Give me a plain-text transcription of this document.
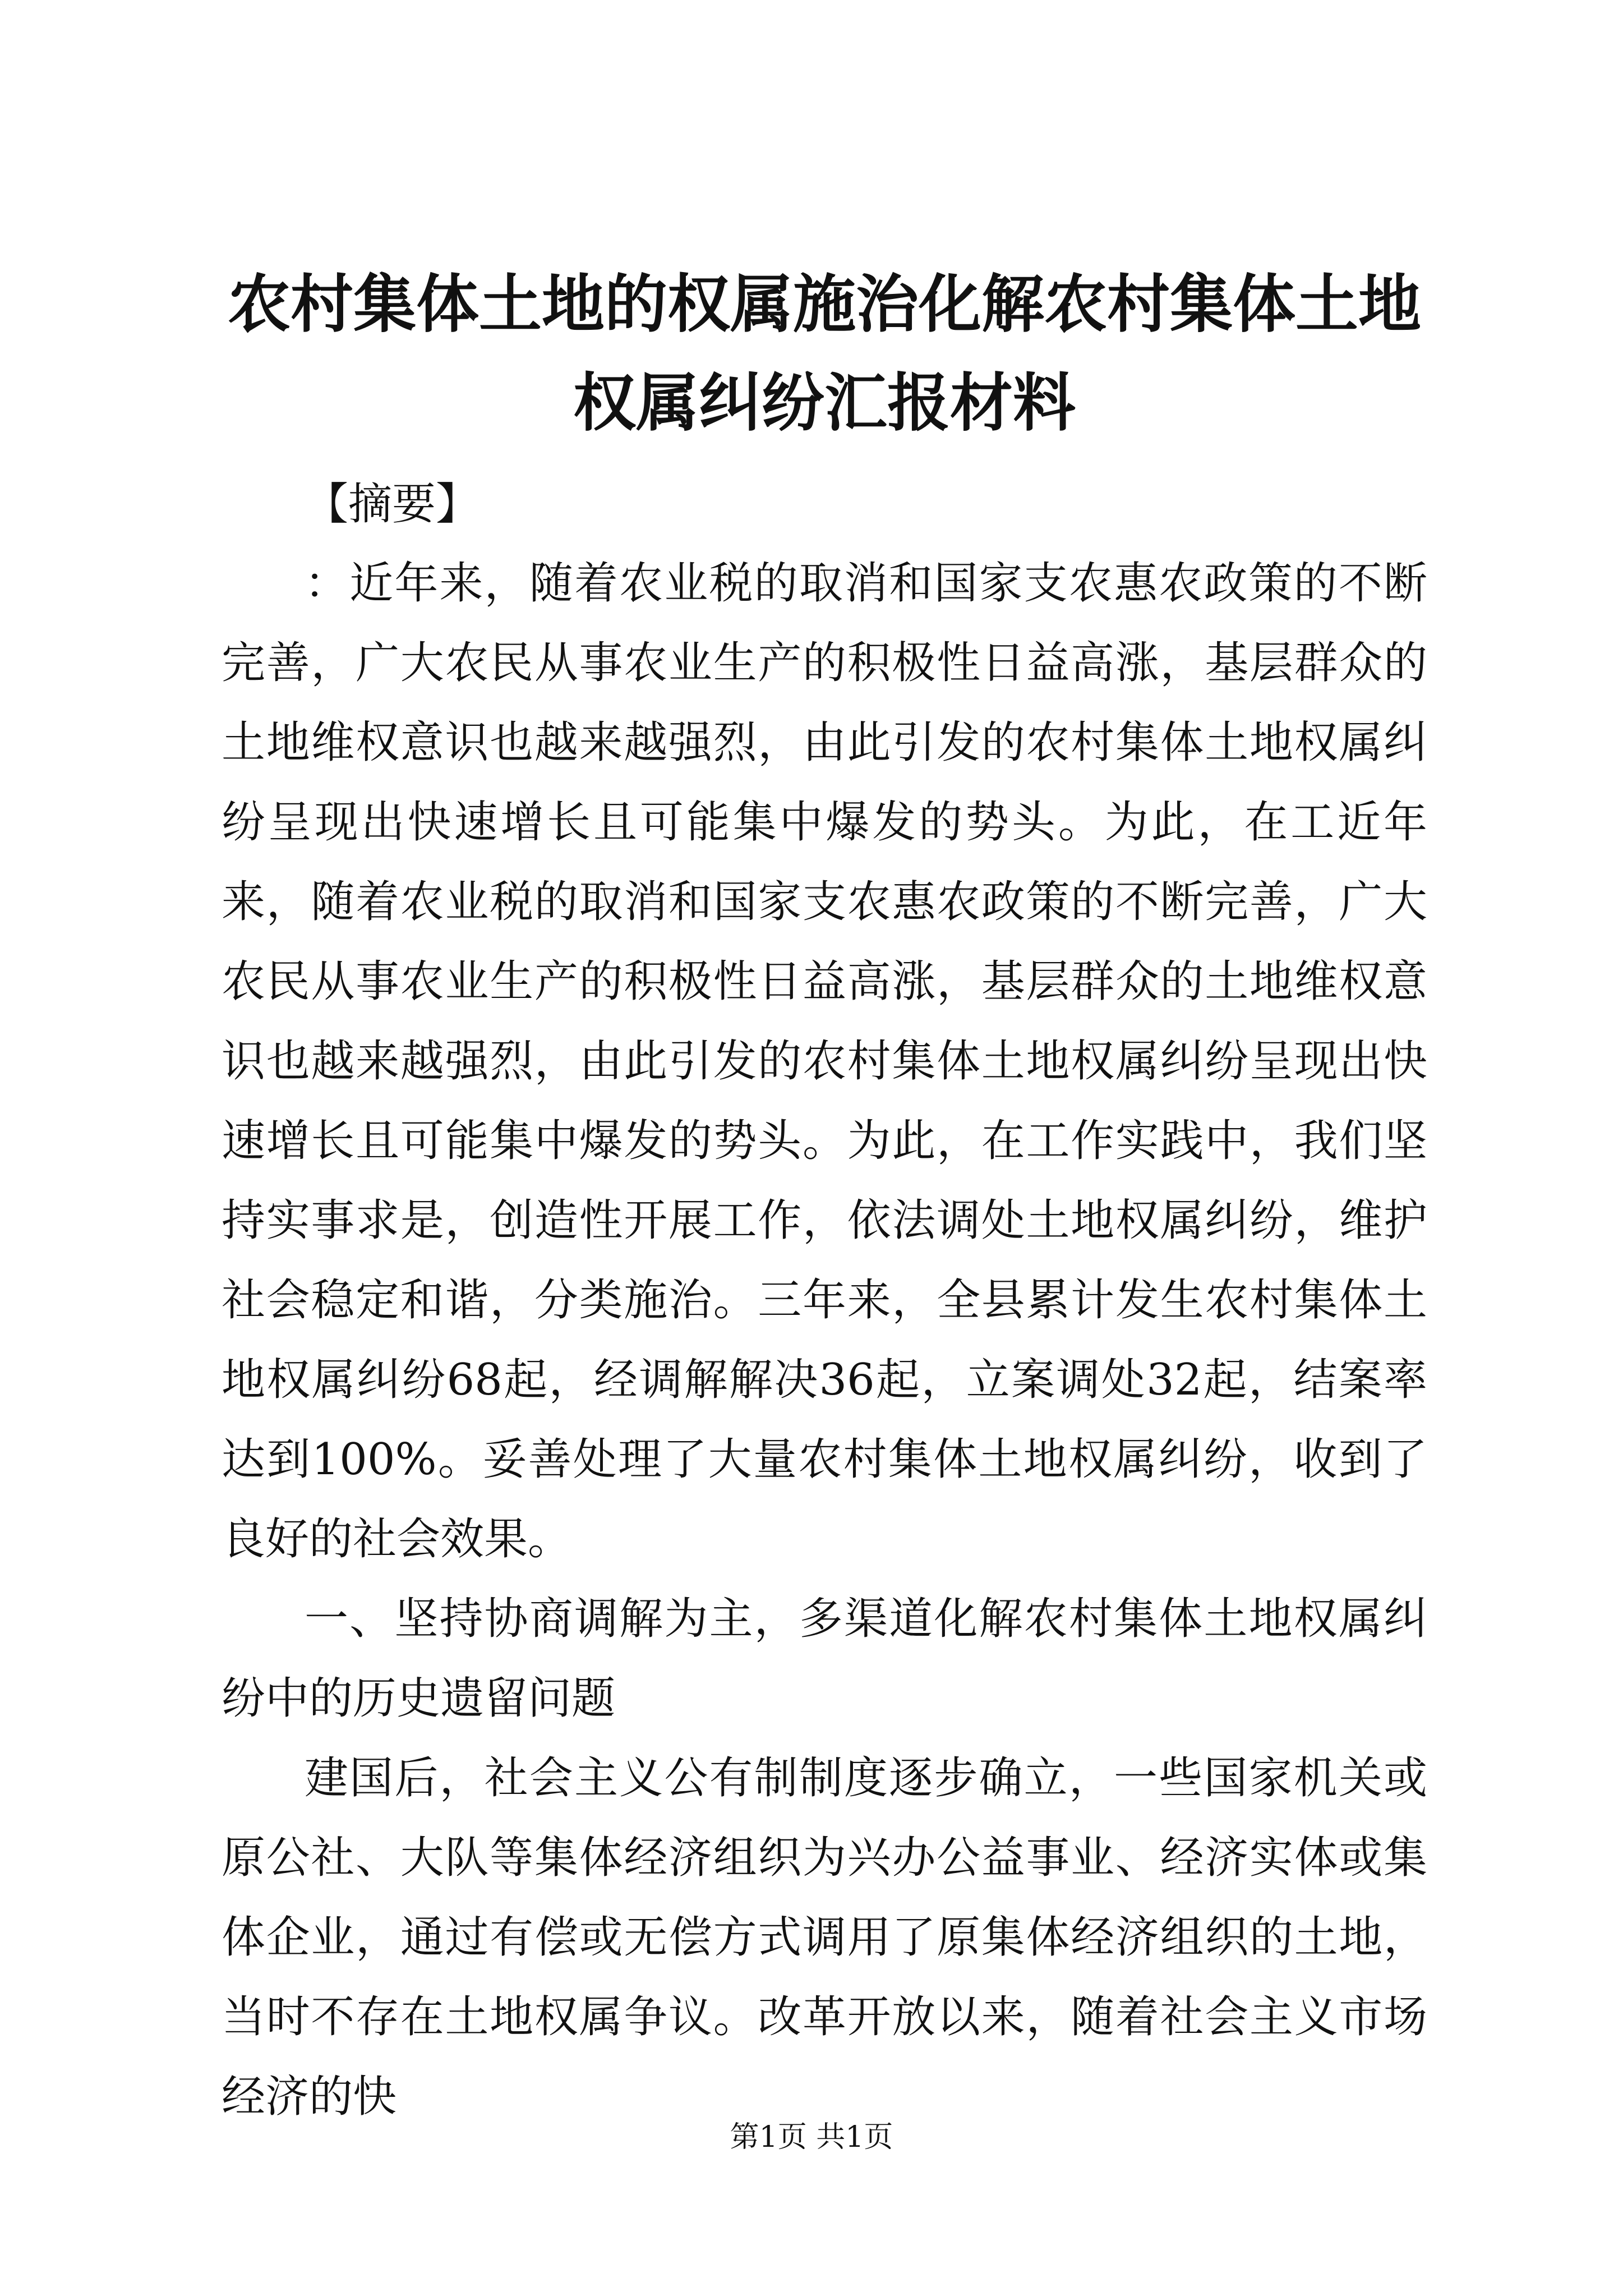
农村集体土地的权属施治化解农村集体土地权属纠纷汇报材料

【摘要】

：近年来，随着农业税的取消和国家支农惠农政策的不断完善，广大农民从事农业生产的积极性日益高涨，基层群众的土地维权意识也越来越强烈，由此引发的农村集体土地权属纠纷呈现出快速增长且可能集中爆发的势头。为此，在工近年来，随着农业税的取消和国家支农惠农政策的不断完善，广大农民从事农业生产的积极性日益高涨，基层群众的土地维权意识也越来越强烈，由此引发的农村集体土地权属纠纷呈现出快速增长且可能集中爆发的势头。为此，在工作实践中，我们坚持实事求是，创造性开展工作，依法调处土地权属纠纷，维护社会稳定和谐，分类施治。三年来，全县累计发生农村集体土地权属纠纷68起，经调解解决36起，立案调处32起，结案率达到100%。妥善处理了大量农村集体土地权属纠纷，收到了良好的社会效果。

一、坚持协商调解为主，多渠道化解农村集体土地权属纠纷中的历史遗留问题

建国后，社会主义公有制制度逐步确立，一些国家机关或原公社、大队等集体经济组织为兴办公益事业、经济实体或集体企业，通过有偿或无偿方式调用了原集体经济组织的土地，当时不存在土地权属争议。改革开放以来，随着社会主义市场经济的快

第1页 共1页
